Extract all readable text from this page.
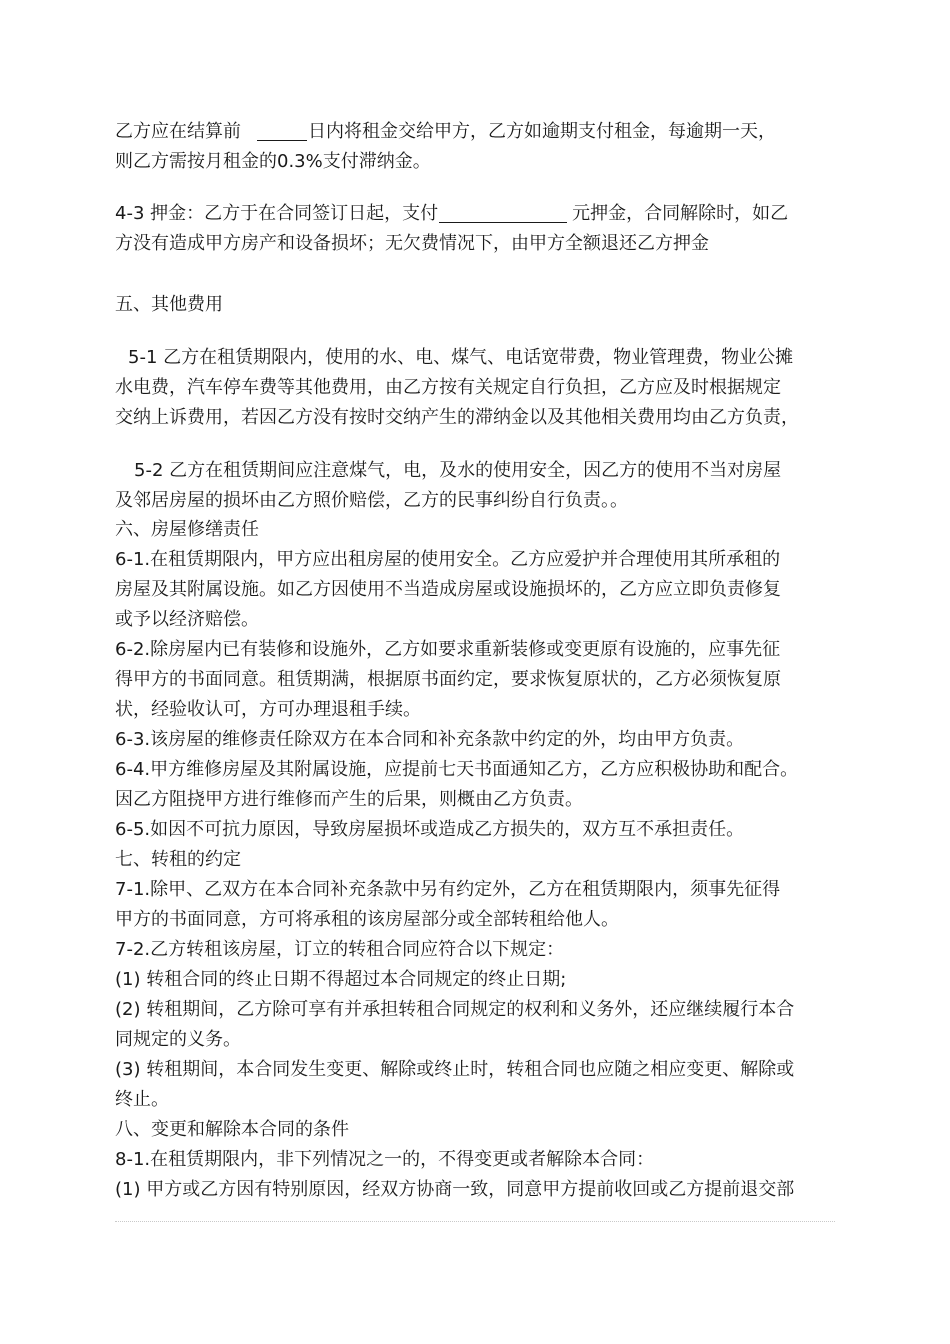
乙方应在结算前	日内将租金交给甲方，乙方如逾期支付租金，每逾期一天，
则乙方需按月租金的0.3%支付滞纳金。
4-3 押金：乙方于在合同签订日起，支付	元押金，合同解除时，如乙
方没有造成甲方房产和设备损坏；无欠费情况下，由甲方全额退还乙方押金
五、其他费用
5-1 乙方在租赁期限内，使用的水、电、煤气、电话宽带费，物业管理费，物业公摊
水电费，汽车停车费等其他费用，由乙方按有关规定自行负担，乙方应及时根据规定
交纳上诉费用，若因乙方没有按时交纳产生的滞纳金以及其他相关费用均由乙方负责，
5-2 乙方在租赁期间应注意煤气，电，及水的使用安全，因乙方的使用不当对房屋
及邻居房屋的损坏由乙方照价赔偿，乙方的民事纠纷自行负责。。
六、房屋修缮责任
6-1.在租赁期限内，甲方应出租房屋的使用安全。乙方应爱护并合理使用其所承租的
房屋及其附属设施。如乙方因使用不当造成房屋或设施损坏的，乙方应立即负责修复
或予以经济赔偿。
6-2.除房屋内已有装修和设施外，乙方如要求重新装修或变更原有设施的，应事先征
得甲方的书面同意。租赁期满，根据原书面约定，要求恢复原状的，乙方必须恢复原
状，经验收认可，方可办理退租手续。
6-3.该房屋的维修责任除双方在本合同和补充条款中约定的外，均由甲方负责。
6-4.甲方维修房屋及其附属设施，应提前七天书面通知乙方，乙方应积极协助和配合。
因乙方阻挠甲方进行维修而产生的后果，则概由乙方负责。
6-5.如因不可抗力原因，导致房屋损坏或造成乙方损失的，双方互不承担责任。
七、转租的约定
7-1.除甲、乙双方在本合同补充条款中另有约定外，乙方在租赁期限内，须事先征得
甲方的书面同意，方可将承租的该房屋部分或全部转租给他人。
7-2.乙方转租该房屋，订立的转租合同应符合以下规定：
(1) 转租合同的终止日期不得超过本合同规定的终止日期;
(2) 转租期间，乙方除可享有并承担转租合同规定的权利和义务外，还应继续履行本合
同规定的义务。
(3) 转租期间，本合同发生变更、解除或终止时，转租合同也应随之相应变更、解除或
终止。
八、变更和解除本合同的条件
8-1.在租赁期限内，非下列情况之一的，不得变更或者解除本合同：
(1) 甲方或乙方因有特别原因，经双方协商一致，同意甲方提前收回或乙方提前退交部
